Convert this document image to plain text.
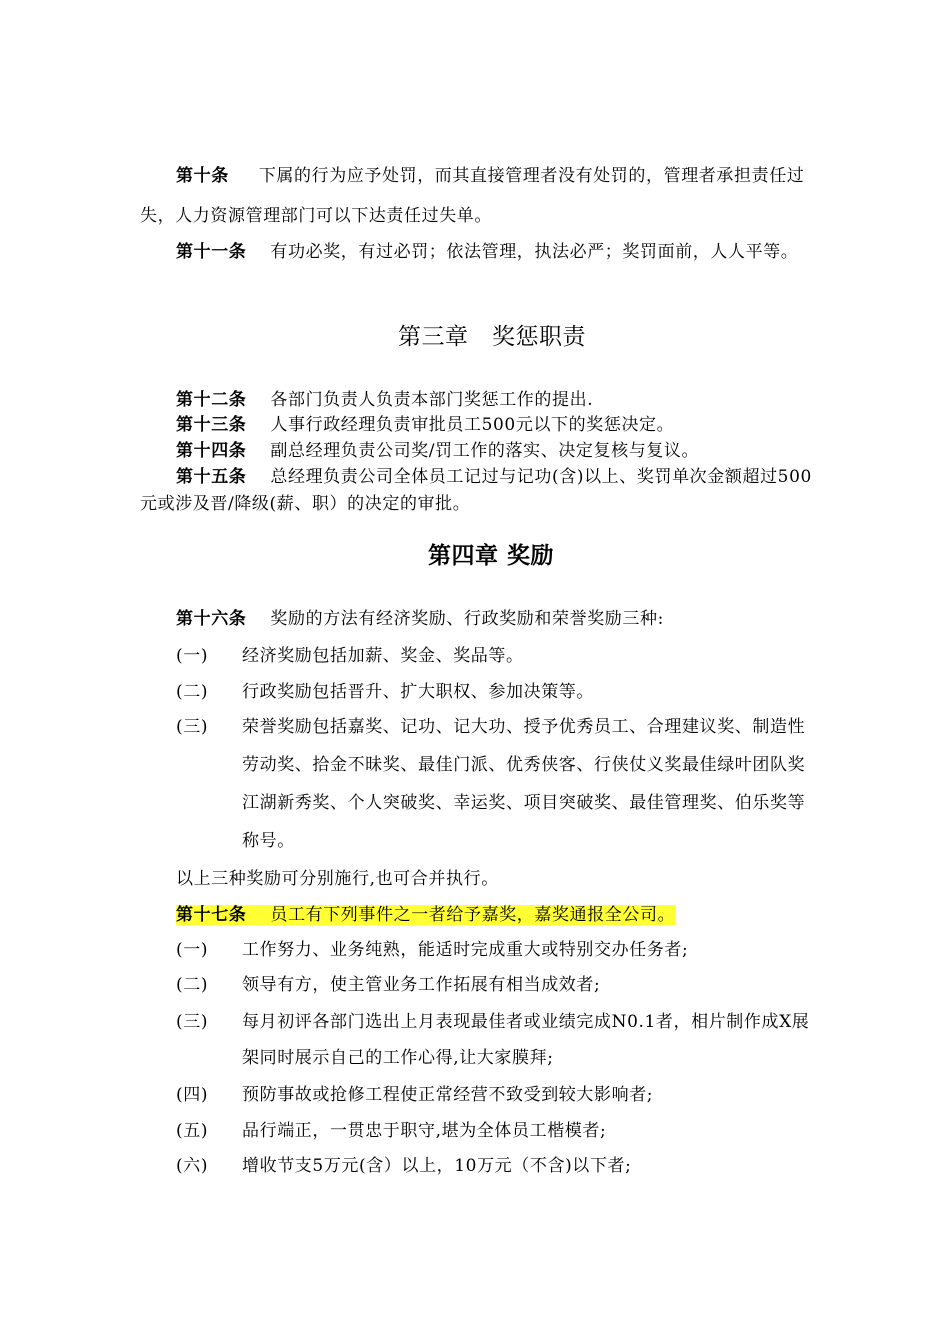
第十条 下属的行为应予处罚，而其直接管理者没有处罚的，管理者承担责任过
失，人力资源管理部门可以下达责任过失单。
第十一条 有功必奖，有过必罚；依法管理，执法必严；奖罚面前，人人平等。
第三章　奖惩职责
第十二条 各部门负责人负责本部门奖惩工作的提出.
第十三条 人事行政经理负责审批员工500元以下的奖惩决定。
第十四条 副总经理负责公司奖/罚工作的落实、决定复核与复议。
第十五条 总经理负责公司全体员工记过与记功(含)以上、奖罚单次金额超过500
元或涉及晋/降级(薪、职）的决定的审批。
第四章 奖励
第十六条 奖励的方法有经济奖励、行政奖励和荣誉奖励三种:
(一) 经济奖励包括加薪、奖金、奖品等。
(二) 行政奖励包括晋升、扩大职权、参加决策等。
(三) 荣誉奖励包括嘉奖、记功、记大功、授予优秀员工、合理建议奖、制造性
劳动奖、拾金不昧奖、最佳门派、优秀侠客、行侠仗义奖最佳绿叶团队奖
江湖新秀奖、个人突破奖、幸运奖、项目突破奖、最佳管理奖、伯乐奖等
称号。
以上三种奖励可分别施行,也可合并执行。
第十七条 员工有下列事件之一者给予嘉奖，嘉奖通报全公司。
(一) 工作努力、业务纯熟，能适时完成重大或特别交办任务者;
(二) 领导有方，使主管业务工作拓展有相当成效者;
(三) 每月初评各部门选出上月表现最佳者或业绩完成N0.1者，相片制作成X展
架同时展示自己的工作心得,让大家膜拜;
(四) 预防事故或抢修工程使正常经营不致受到较大影响者;
(五) 品行端正，一贯忠于职守,堪为全体员工楷模者;
(六) 增收节支5万元(含）以上，10万元（不含)以下者;
